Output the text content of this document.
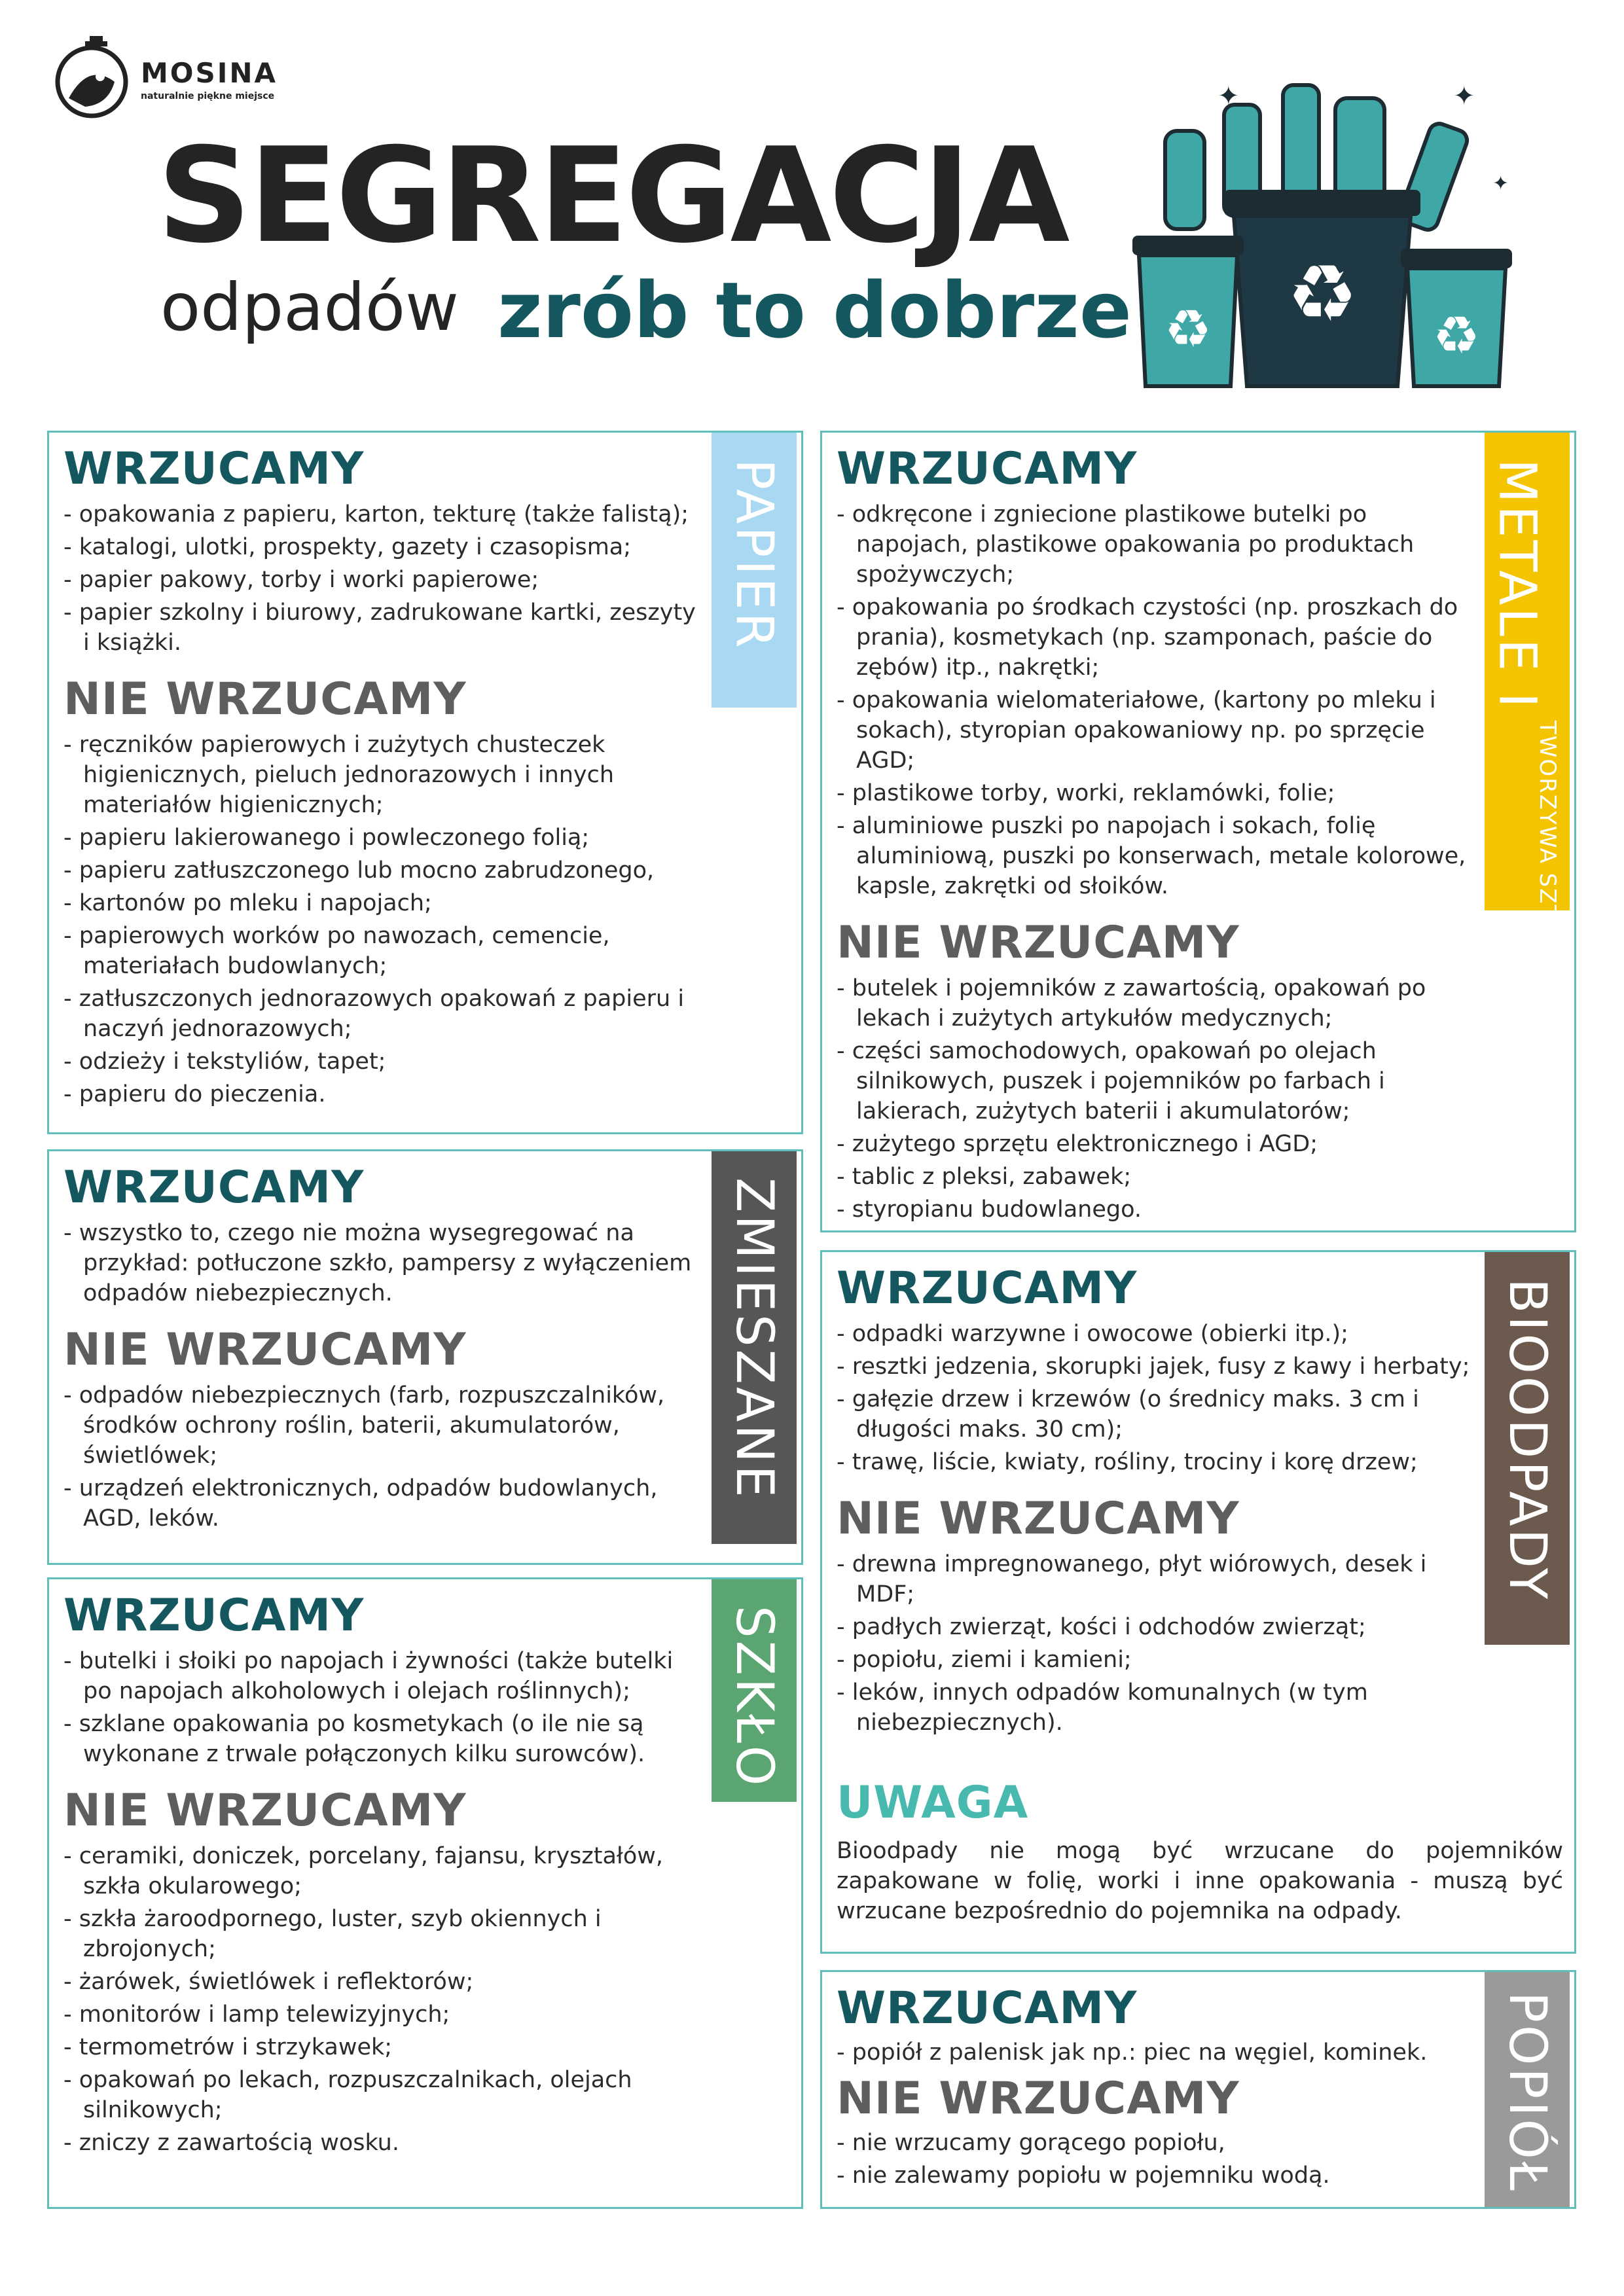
MOSINA
naturalnie piękne miejsce
SEGREGACJA
odpadów zrób to dobrze ♻
♻	♻
✦	✦
✦
PAPIER
WRZUCAMY
- opakowania z papieru, karton, tekturę (także falistą);
- katalogi, ulotki, prospekty, gazety i czasopisma;
- papier pakowy, torby i worki papierowe;
- papier szkolny i biurowy, zadrukowane kartki, zeszyty i książki.
NIE WRZUCAMY
- ręczników papierowych i zużytych chusteczek higienicznych, pieluch jednorazowych i innych materiałów higienicznych;
- papieru lakierowanego i powleczonego folią;
- papieru zatłuszczonego lub mocno zabrudzonego,
- kartonów po mleku i napojach;
- papierowych worków po nawozach, cemencie, materiałach budowlanych;
- zatłuszczonych jednorazowych opakowań z papieru i naczyń jednorazowych;
- odzieży i tekstyliów, tapet;
- papieru do pieczenia.
ZMIESZANE
WRZUCAMY
- wszystko to, czego nie można wysegregować na przykład: potłuczone szkło, pampersy z wyłączeniem odpadów niebezpiecznych.
NIE WRZUCAMY
- odpadów niebezpiecznych (farb, rozpuszczalników, środków ochrony roślin, baterii, akumulatorów, świetlówek;
- urządzeń elektronicznych, odpadów budowlanych, AGD, leków.
SZKŁO
WRZUCAMY
- butelki i słoiki po napojach i żywności (także butelki po napojach alkoholowych i olejach roślinnych);
- szklane opakowania po kosmetykach (o ile nie są wykonane z trwale połączonych kilku surowców).
NIE WRZUCAMY
- ceramiki, doniczek, porcelany, fajansu, kryształów, szkła okularowego;
- szkła żaroodpornego, luster, szyb okiennych i zbrojonych;
- żarówek, świetlówek i reflektorów;
- monitorów i lamp telewizyjnych;
- termometrów i strzykawek;
- opakowań po lekach, rozpuszczalnikach, olejach silnikowych;
- zniczy z zawartością wosku.
METALE I
TWORZYWA SZTUCZNE
WRZUCAMY
- odkręcone i zgniecione plastikowe butelki po napojach, plastikowe opakowania po produktach spożywczych;
- opakowania po środkach czystości (np. proszkach do prania), kosmetykach (np. szamponach, paście do zębów) itp., nakrętki;
- opakowania wielomateriałowe, (kartony po mleku i sokach), styropian opakowaniowy np. po sprzęcie AGD;
- plastikowe torby, worki, reklamówki, folie;
- aluminiowe puszki po napojach i sokach, folię aluminiową, puszki po konserwach, metale kolorowe, kapsle, zakrętki od słoików.
NIE WRZUCAMY
- butelek i pojemników z zawartością, opakowań po lekach i zużytych artykułów medycznych;
- części samochodowych, opakowań po olejach silnikowych, puszek i pojemników po farbach i lakierach, zużytych baterii i akumulatorów;
- zużytego sprzętu elektronicznego i AGD;
- tablic z pleksi, zabawek;
- styropianu budowlanego.
BIOODPADY
WRZUCAMY
- odpadki warzywne i owocowe (obierki itp.);
- resztki jedzenia, skorupki jajek, fusy z kawy i herbaty;
- gałęzie drzew i krzewów (o średnicy maks. 3 cm i długości maks. 30 cm);
- trawę, liście, kwiaty, rośliny, trociny i korę drzew;
NIE WRZUCAMY
- drewna impregnowanego, płyt wiórowych, desek i MDF;
- padłych zwierząt, kości i odchodów zwierząt;
- popiołu, ziemi i kamieni;
- leków, innych odpadów komunalnych (w tym niebezpiecznych).
UWAGA

Bioodpady nie mogą być wrzucane do pojemników zapakowane w folię, worki i inne opakowania - muszą być wrzucane bezpośrednio do pojemnika na odpady.

POPIÓŁ
WRZUCAMY
- popiół z palenisk jak np.: piec na węgiel, kominek.
NIE WRZUCAMY
- nie wrzucamy gorącego popiołu,
- nie zalewamy popiołu w pojemniku wodą.
